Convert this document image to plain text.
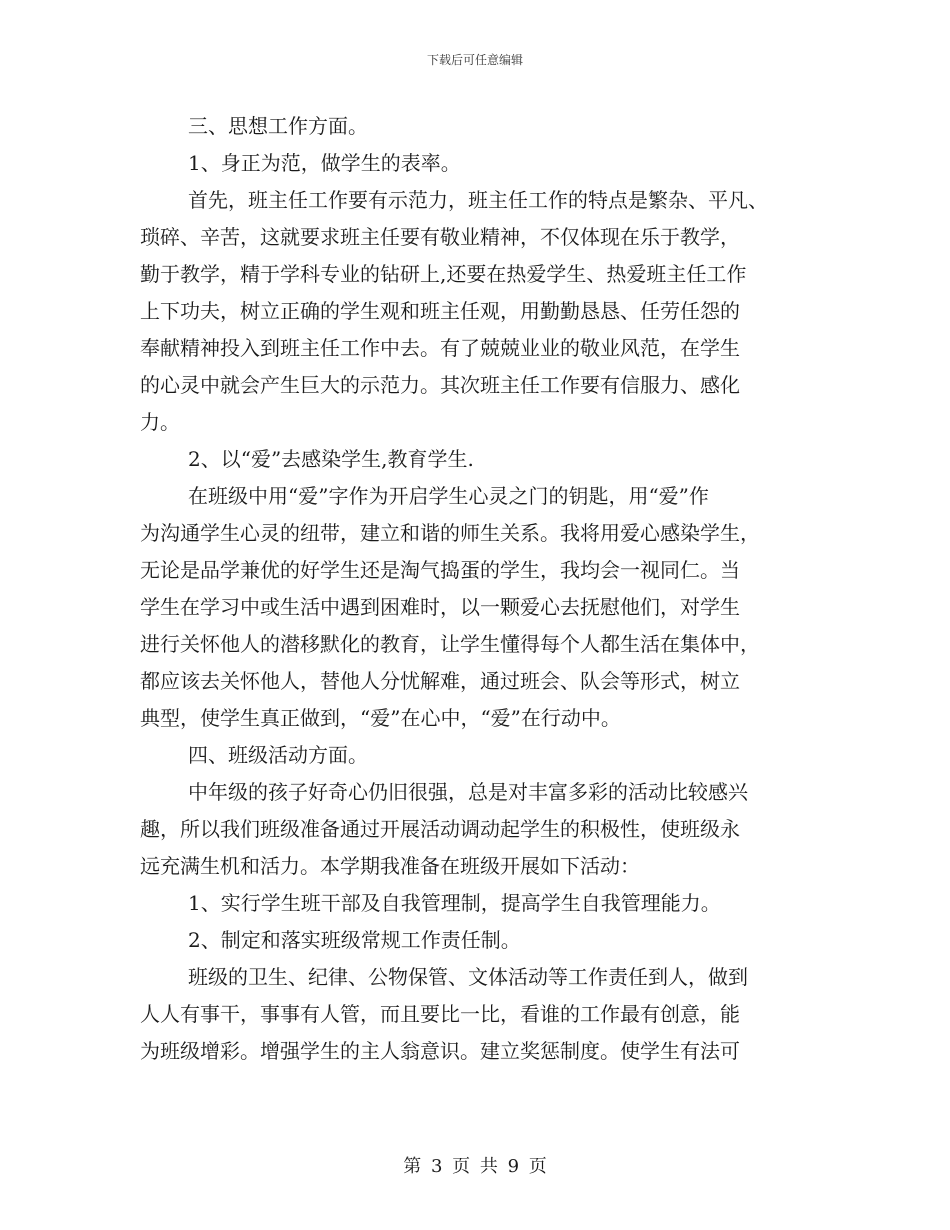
下载后可任意编辑
三、思想工作方面。
1、身正为范，做学生的表率。
首先，班主任工作要有示范力，班主任工作的特点是繁杂、平凡、
琐碎、辛苦，这就要求班主任要有敬业精神，不仅体现在乐于教学，
勤于教学，精于学科专业的钻研上,还要在热爱学生、热爱班主任工作
上下功夫，树立正确的学生观和班主任观，用勤勤恳恳、任劳任怨的
奉献精神投入到班主任工作中去。有了兢兢业业的敬业风范，在学生
的心灵中就会产生巨大的示范力。其次班主任工作要有信服力、感化
力。
2、以“爱”去感染学生,教育学生.
在班级中用“爱”字作为开启学生心灵之门的钥匙，用“爱”作
为沟通学生心灵的纽带，建立和谐的师生关系。我将用爱心感染学生，
无论是品学兼优的好学生还是淘气捣蛋的学生，我均会一视同仁。当
学生在学习中或生活中遇到困难时，以一颗爱心去抚慰他们，对学生
进行关怀他人的潜移默化的教育，让学生懂得每个人都生活在集体中，
都应该去关怀他人，替他人分忧解难，通过班会、队会等形式，树立
典型，使学生真正做到，“爱”在心中，“爱”在行动中。
四、班级活动方面。
中年级的孩子好奇心仍旧很强，总是对丰富多彩的活动比较感兴
趣，所以我们班级准备通过开展活动调动起学生的积极性，使班级永
远充满生机和活力。本学期我准备在班级开展如下活动：
1、实行学生班干部及自我管理制，提高学生自我管理能力。
2、制定和落实班级常规工作责任制。
班级的卫生、纪律、公物保管、文体活动等工作责任到人，做到
人人有事干，事事有人管，而且要比一比，看谁的工作最有创意，能
为班级增彩。增强学生的主人翁意识。建立奖惩制度。使学生有法可
第 3 页 共 9 页
